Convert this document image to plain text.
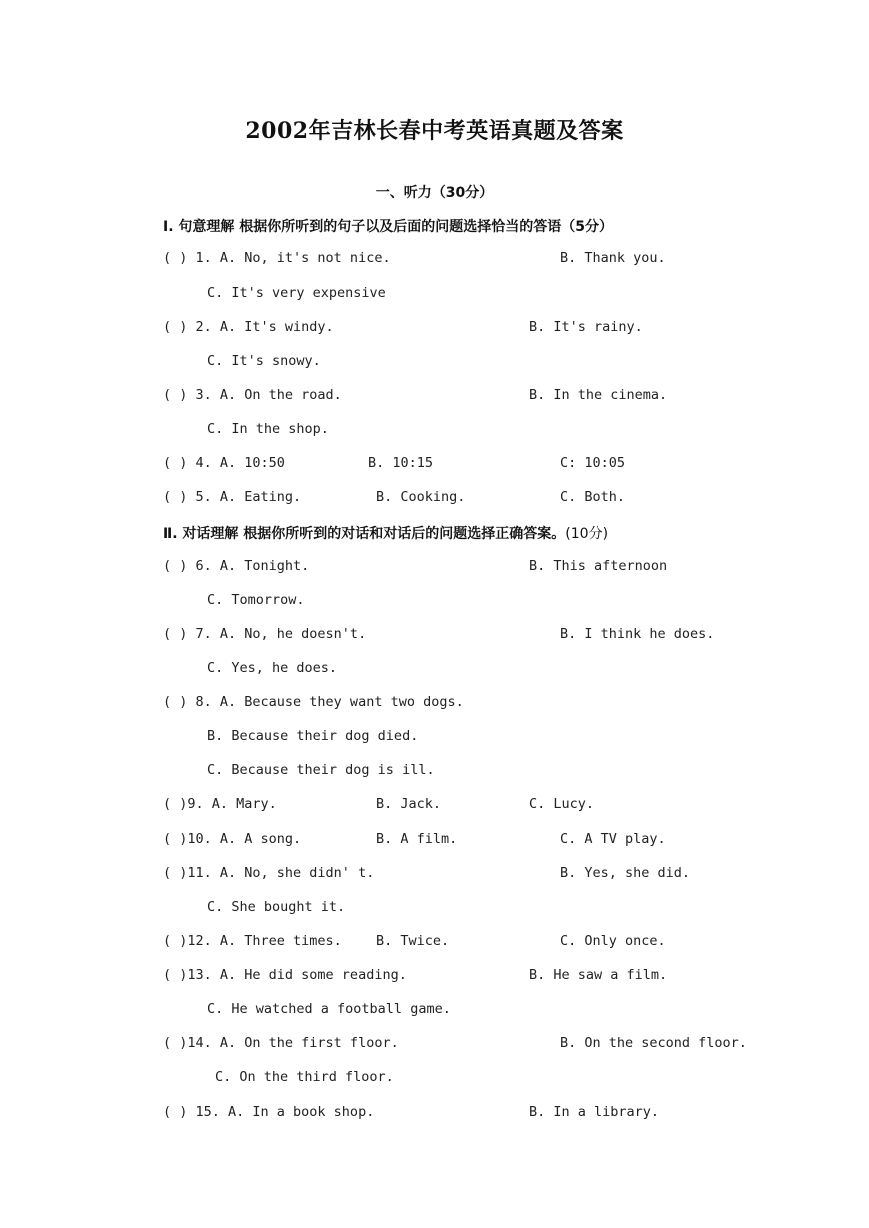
2002年吉林长春中考英语真题及答案
一、听力（30分）
Ⅰ. 句意理解 根据你所听到的句子以及后面的问题选择恰当的答语（5分）
( ) 1. A. No, it's not nice.	B. Thank you.
C. It's very expensive
( ) 2. A. It's windy.	B. It's rainy.
C. It's snowy.
( ) 3. A. On the road.	B. In the cinema.
C. In the shop.
( ) 4. A. 10:50	B. 10:15	C: 10:05
( ) 5. A. Eating.	B. Cooking.	C. Both.
Ⅱ. 对话理解 根据你所听到的对话和对话后的问题选择正确答案。(10分)
( ) 6. A. Tonight.	B. This afternoon
C. Tomorrow.
( ) 7. A. No, he doesn't.	B. I think he does.
C. Yes, he does.
( ) 8. A. Because they want two dogs.
B. Because their dog died.
C. Because their dog is ill.
( )9. A. Mary.	B. Jack.	C. Lucy.
( )10. A. A song.	B. A film.	C. A TV play.
( )11. A. No, she didn' t.	B. Yes, she did.
C. She bought it.
( )12. A. Three times.	B. Twice.	C. Only once.
( )13. A. He did some reading.	B. He saw a film.
C. He watched a football game.
( )14. A. On the first floor.	B. On the second floor.
C. On the third floor.
( ) 15. A. In a book shop.	B. In a library.
